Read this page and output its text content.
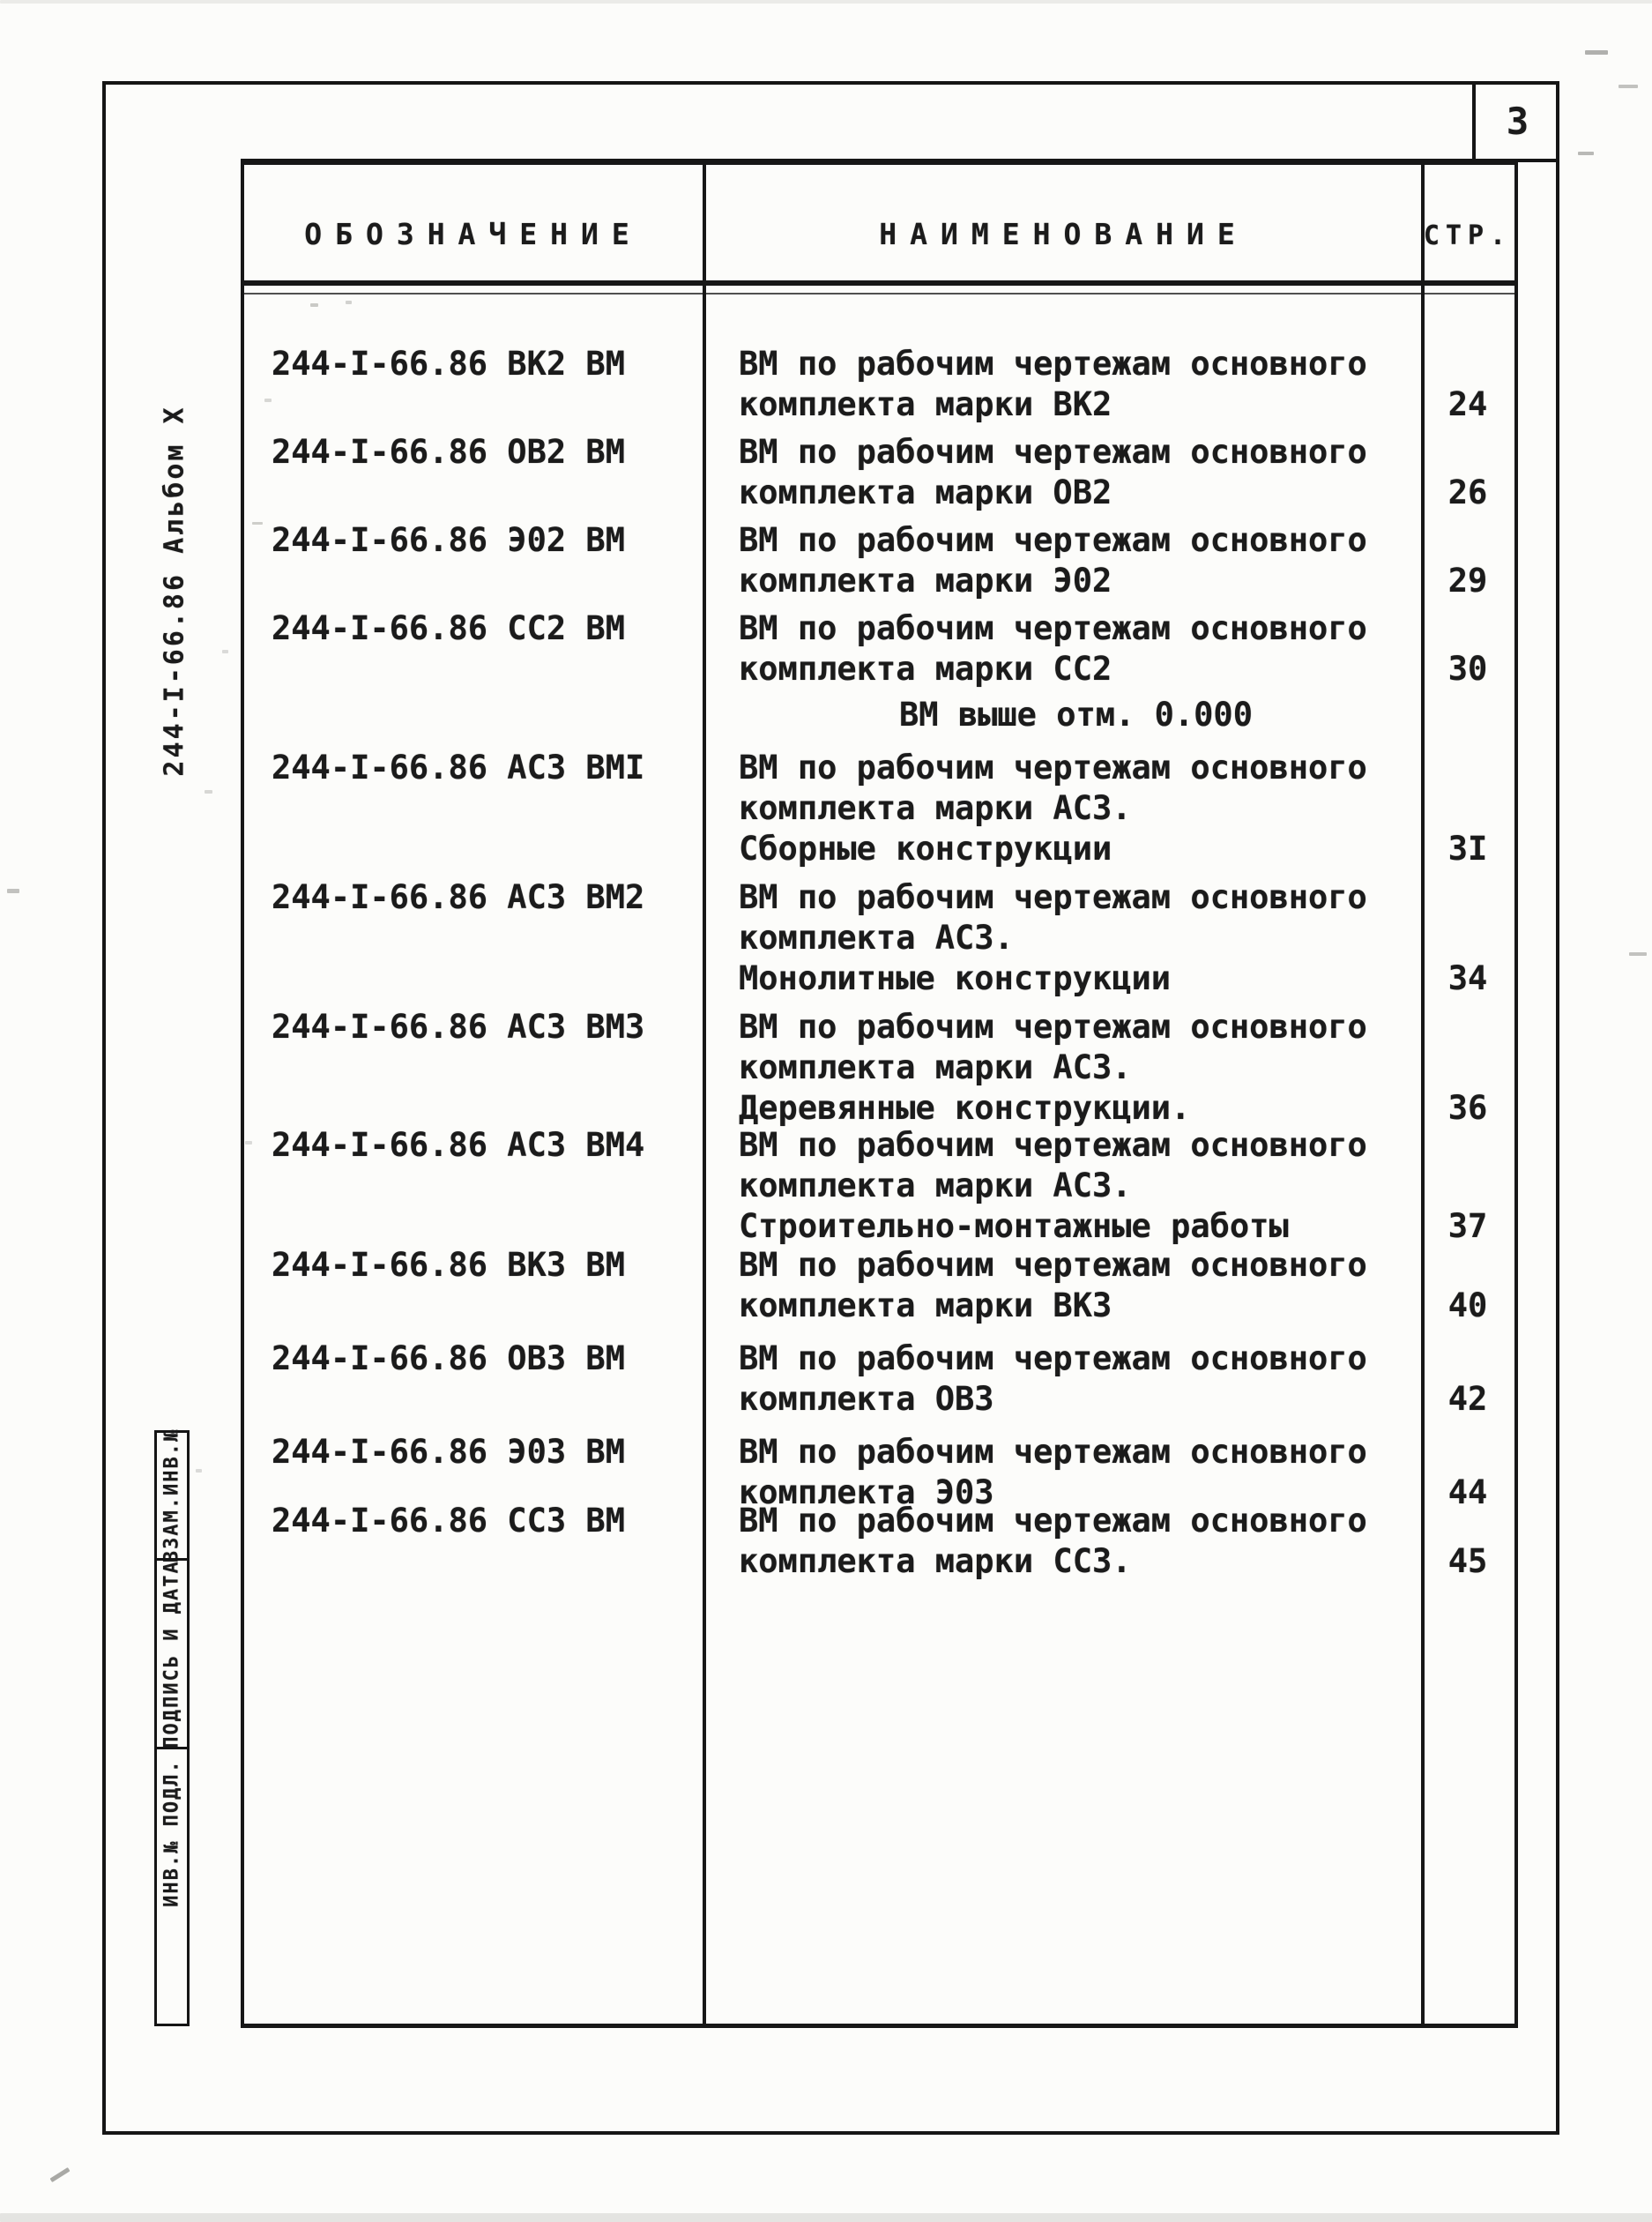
3
ОБОЗНАЧЕНИЕ	НАИМЕНОВАНИЕ	СТР.
244-I-66.86 ВК2 ВМ	ВМ по рабочим чертежам основного
комплекта марки ВК2	24
244-I-66.86 ОВ2 ВМ	ВМ по рабочим чертежам основного
комплекта марки ОВ2	26
244-I-66.86 Э02 ВМ	ВМ по рабочим чертежам основного
комплекта марки Э02	29
244-I-66.86 СС2 ВМ	ВМ по рабочим чертежам основного
комплекта марки СС2	30
ВМ выше отм. 0.000
244-I-66.86 АС3 ВМI	ВМ по рабочим чертежам основного
комплекта марки АС3.
Сборные конструкции	3I
244-I-66.86 АС3 ВМ2	ВМ по рабочим чертежам основного
комплекта АС3.
Монолитные конструкции	34
244-I-66.86 АС3 ВМ3	ВМ по рабочим чертежам основного
комплекта марки АС3.
Деревянные конструкции.	36
244-I-66.86 АС3 ВМ4	ВМ по рабочим чертежам основного
комплекта марки АС3.
Строительно-монтажные работы	37
244-I-66.86 ВК3 ВМ	ВМ по рабочим чертежам основного
комплекта марки ВК3	40
244-I-66.86 ОВ3 ВМ	ВМ по рабочим чертежам основного
комплекта ОВ3	42
244-I-66.86 Э03 ВМ	ВМ по рабочим чертежам основного
комплекта Э03	44
244-I-66.86 СС3 ВМ	ВМ по рабочим чертежам основного
комплекта марки СС3.	45
244-I-66.86 Альбом X
ВЗАМ.ИНВ.№
ПОДПИСЬ И ДАТА
ИНВ.№ ПОДЛ.
